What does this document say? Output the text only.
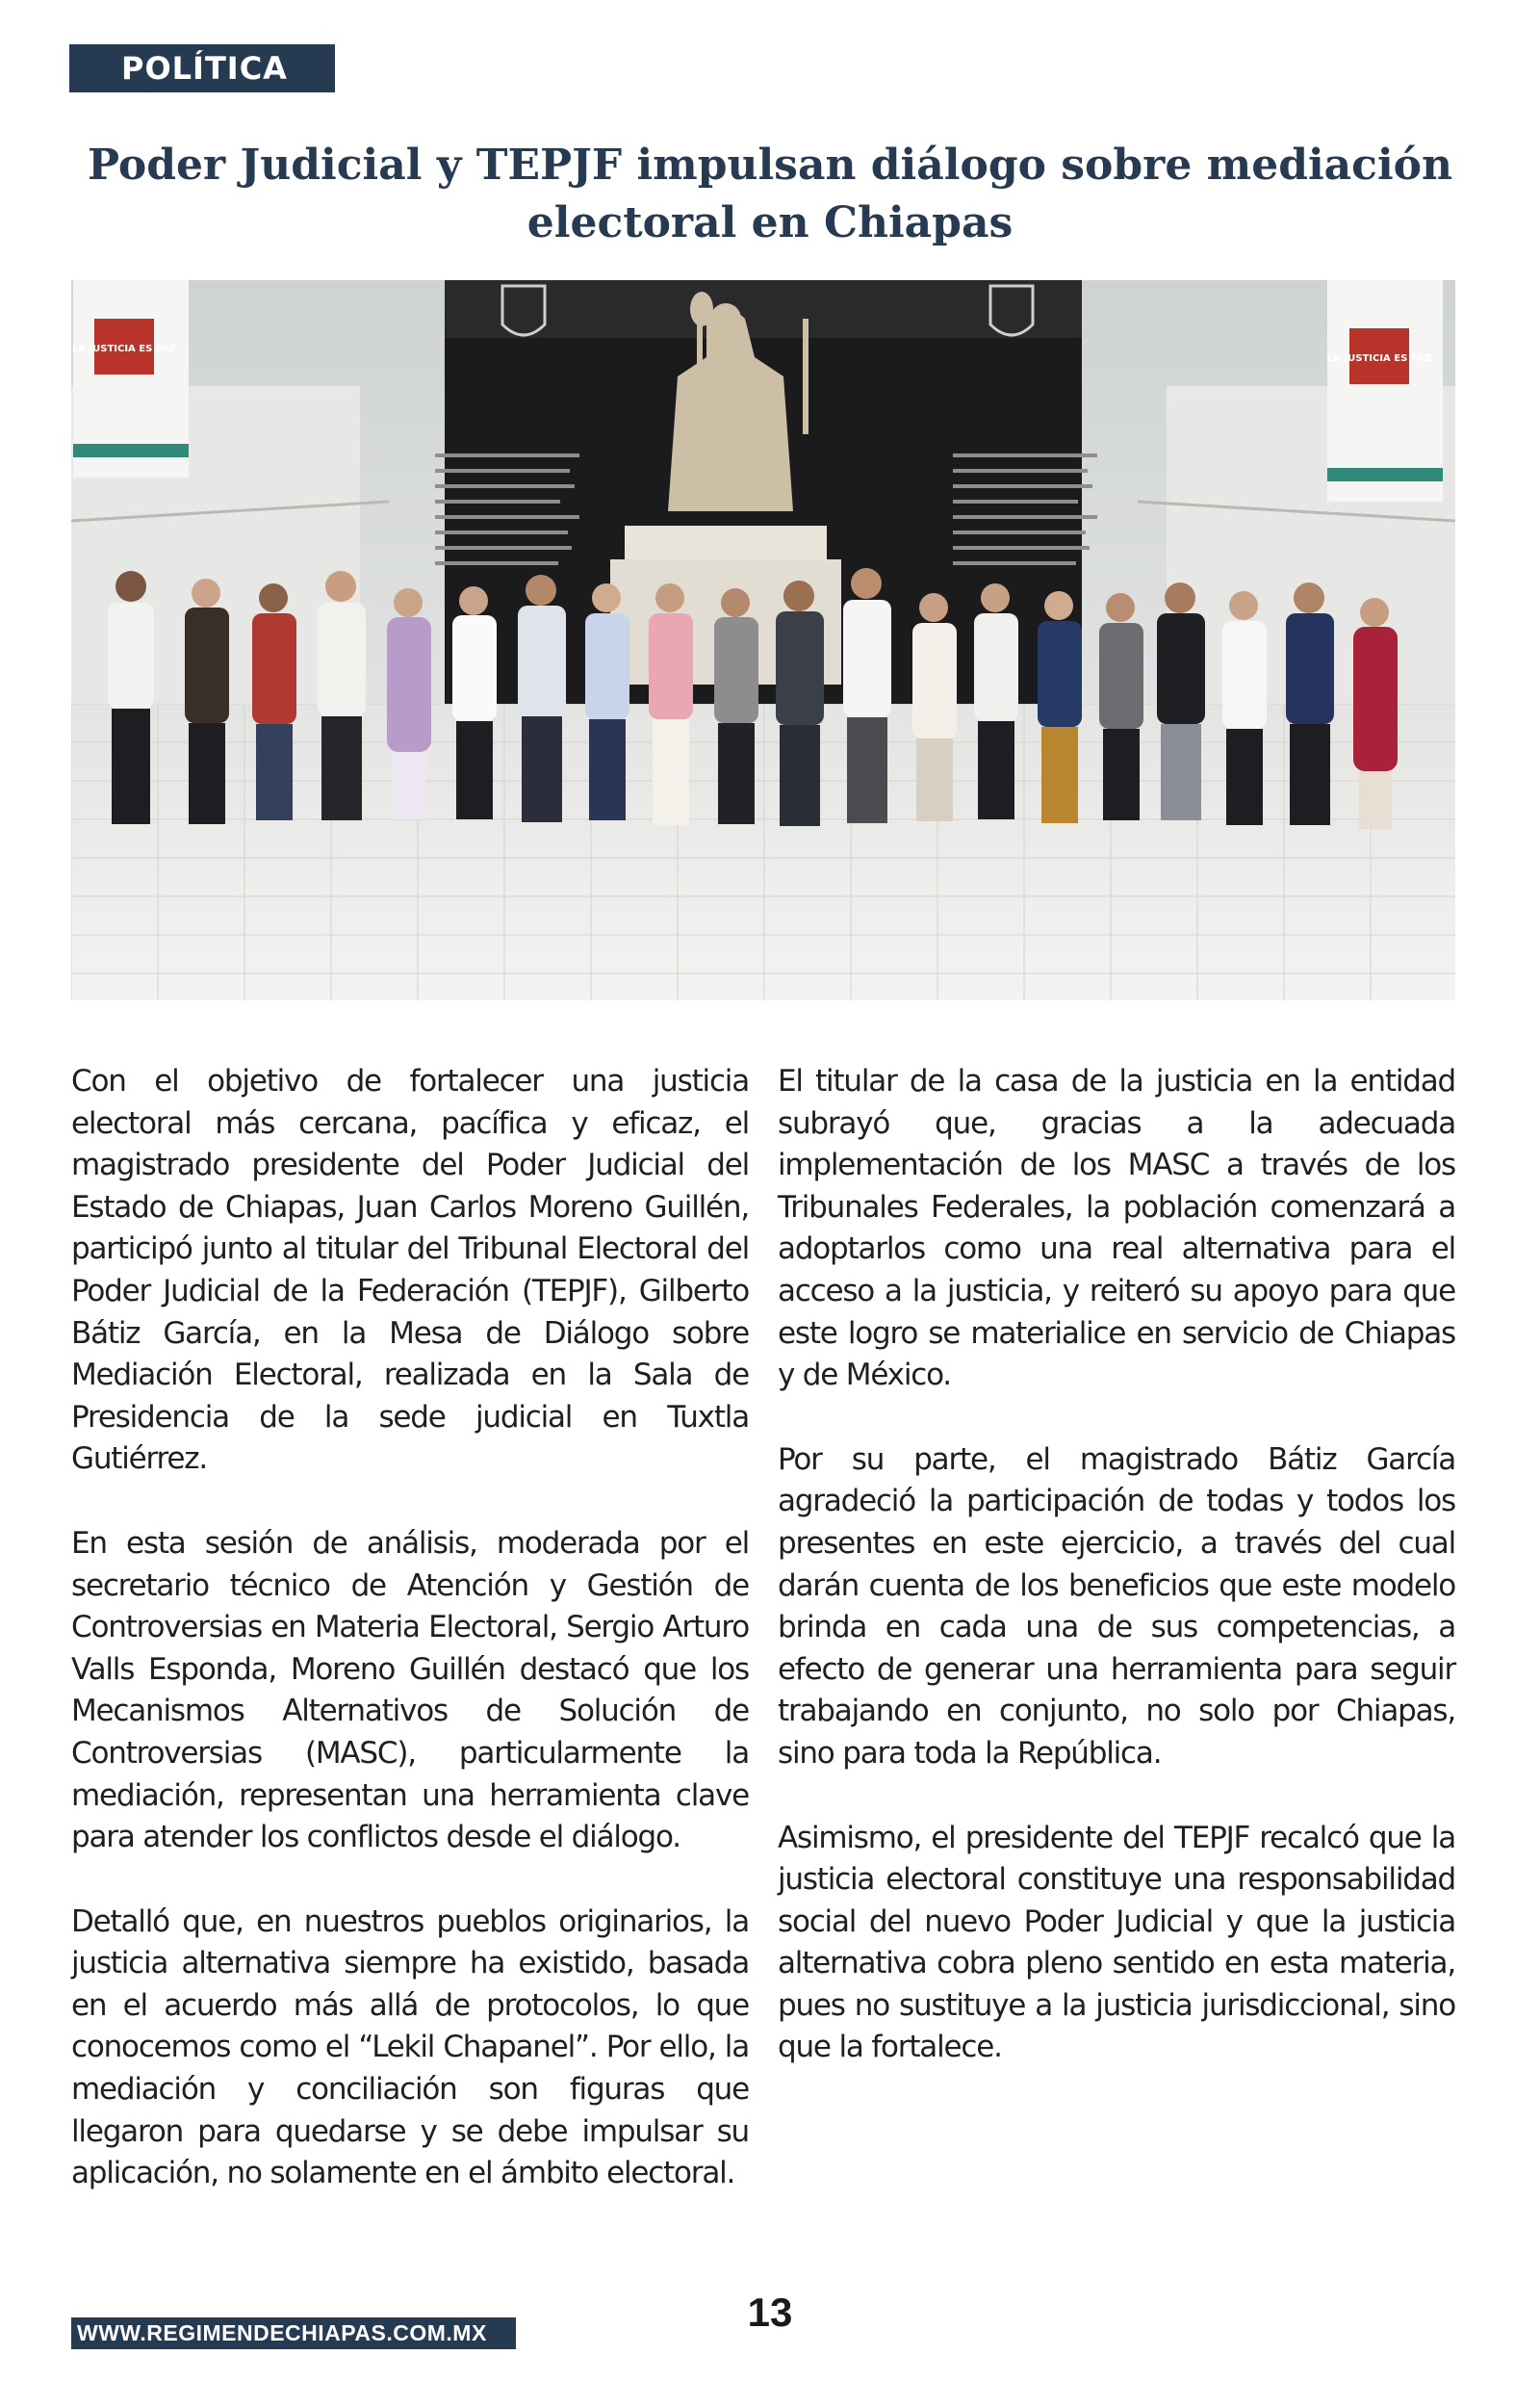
POLÍTICA
Poder Judicial y TEPJF impulsan diálogo sobre mediación electoral en Chiapas
LA JUSTICIA ES PAZ
LA JUSTICIA ES PAZ

Con el objetivo de fortalecer una justicia electoral más cercana, pacífica y eficaz, el magistrado presidente del Poder Judicial del Estado de Chiapas, Juan Carlos Moreno Guillén, participó junto al titular del Tribunal Electoral del Poder Judicial de la Federación (TEPJF), Gilberto Bátiz García, en la Mesa de Diálogo sobre Mediación Electoral, realizada en la Sala de Presidencia de la sede judicial en Tuxtla Gutiérrez.

En esta sesión de análisis, moderada por el secretario técnico de Atención y Gestión de Controversias en Materia Electoral, Sergio Arturo Valls Esponda, Moreno Guillén destacó que los Mecanismos Alternativos de Solución de Controversias (MASC), particularmente la mediación, representan una herramienta clave para atender los conflictos desde el diálogo.

Detalló que, en nuestros pueblos originarios, la justicia alternativa siempre ha existido, basada en el acuerdo más allá de protocolos, lo que conocemos como el “Lekil Chapanel”. Por ello, la mediación y conciliación son figuras que llegaron para quedarse y se debe impulsar su aplicación, no solamente en el ámbito electoral.

El titular de la casa de la justicia en la entidad subrayó que, gracias a la adecuada implementación de los MASC a través de los Tribunales Federales, la población comenzará a adoptarlos como una real alternativa para el acceso a la justicia, y reiteró su apoyo para que este logro se materialice en servicio de Chiapas y de México.

Por su parte, el magistrado Bátiz García agradeció la participación de todas y todos los presentes en este ejercicio, a través del cual darán cuenta de los beneficios que este modelo brinda en cada una de sus competencias, a efecto de generar una herramienta para seguir trabajando en conjunto, no solo por Chiapas, sino para toda la República.

Asimismo, el presidente del TEPJF recalcó que la justicia electoral constituye una responsabilidad social del nuevo Poder Judicial y que la justicia alternativa cobra pleno sentido en esta materia, pues no sustituye a la justicia jurisdiccional, sino que la fortalece.

WWW.REGIMENDECHIAPAS.COM.MX	13
